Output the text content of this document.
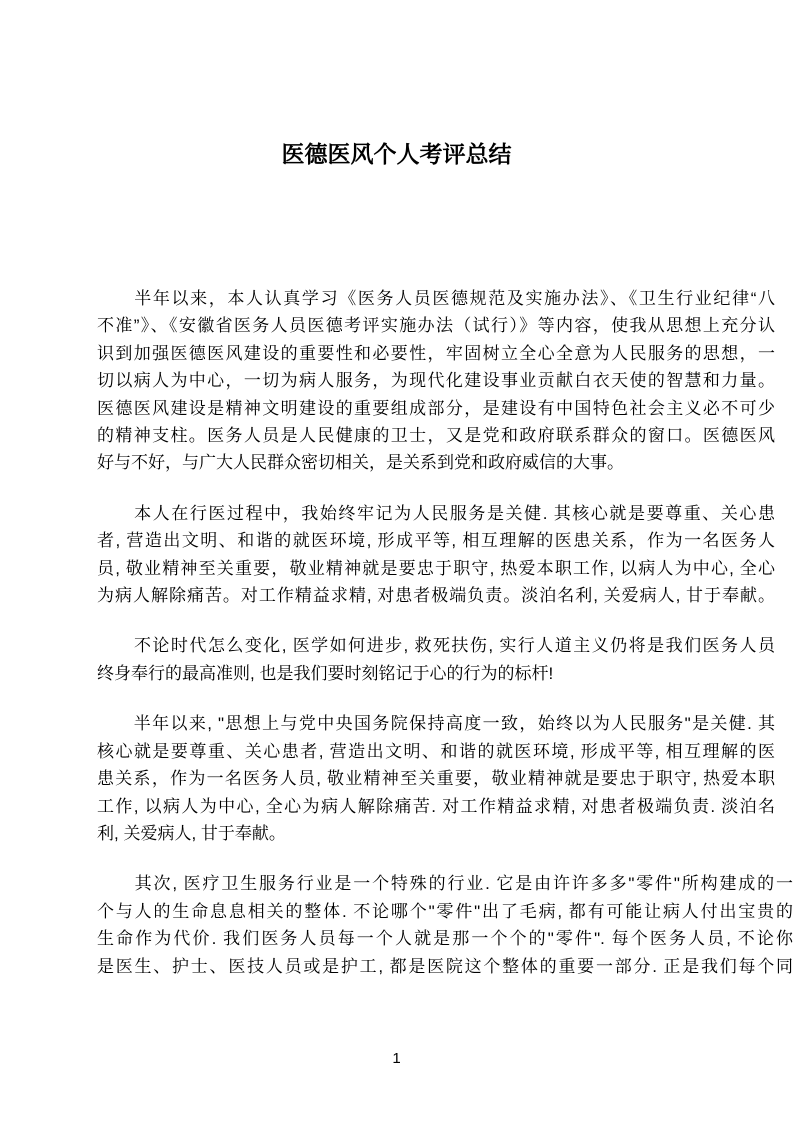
医德医风个人考评总结
　　半年以来，本人认真学习《医务人员医德规范及实施办法》、《卫生行业纪律“八
不准”》、《安徽省医务人员医德考评实施办法（试行）》等内容，使我从思想上充分认
识到加强医德医风建设的重要性和必要性，牢固树立全心全意为人民服务的思想，一
切以病人为中心，一切为病人服务，为现代化建设事业贡献白衣天使的智慧和力量。
医德医风建设是精神文明建设的重要组成部分，是建设有中国特色社会主义必不可少
的精神支柱。医务人员是人民健康的卫士，又是党和政府联系群众的窗口。医德医风
好与不好，与广大人民群众密切相关，是关系到党和政府威信的大事。
　　本人在行医过程中，我始终牢记为人民服务是关健. 其核心就是要尊重、关心患
者, 营造出文明、和谐的就医环境, 形成平等, 相互理解的医患关系，作为一名医务人
员, 敬业精神至关重要，敬业精神就是要忠于职守, 热爱本职工作, 以病人为中心, 全心
为病人解除痛苦。对工作精益求精, 对患者极端负责。淡泊名利, 关爱病人, 甘于奉献。
　　不论时代怎么变化, 医学如何进步, 救死扶伤, 实行人道主义仍将是我们医务人员
终身奉行的最高准则, 也是我们要时刻铭记于心的行为的标杆!
　　半年以来, "思想上与党中央国务院保持高度一致，始终以为人民服务"是关健. 其
核心就是要尊重、关心患者, 营造出文明、和谐的就医环境, 形成平等, 相互理解的医
患关系，作为一名医务人员, 敬业精神至关重要，敬业精神就是要忠于职守, 热爱本职
工作, 以病人为中心, 全心为病人解除痛苦. 对工作精益求精, 对患者极端负责. 淡泊名
利, 关爱病人, 甘于奉献。
　　其次, 医疗卫生服务行业是一个特殊的行业. 它是由许许多多"零件"所构建成的一
个与人的生命息息相关的整体. 不论哪个"零件"出了毛病, 都有可能让病人付出宝贵的
生命作为代价. 我们医务人员每一个人就是那一个个的"零件". 每个医务人员, 不论你
是医生、护士、医技人员或是护工, 都是医院这个整体的重要一部分. 正是我们每个同
1
